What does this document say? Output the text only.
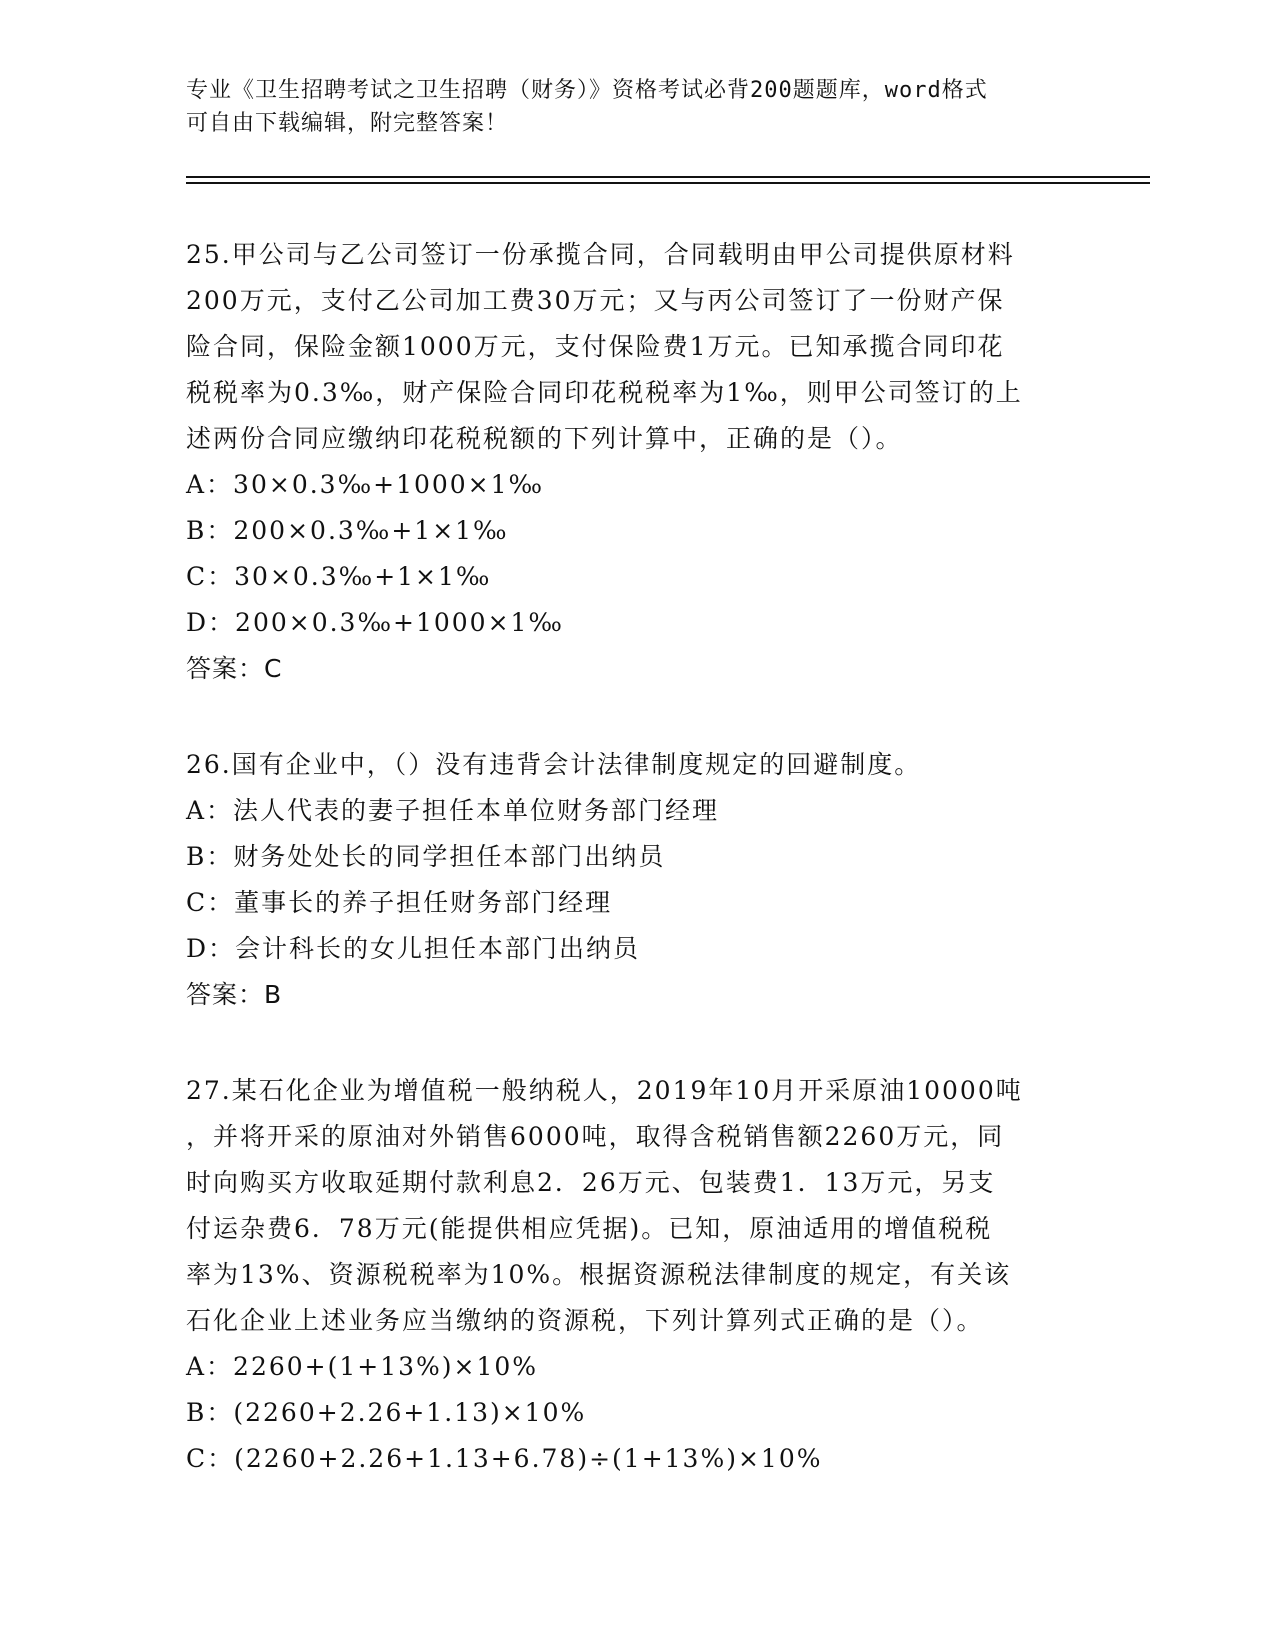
专业《卫生招聘考试之卫生招聘（财务）》资格考试必背200题题库，word格式
可自由下载编辑，附完整答案！
25.甲公司与乙公司签订一份承揽合同，合同载明由甲公司提供原材料
200万元，支付乙公司加工费30万元；又与丙公司签订了一份财产保
险合同，保险金额1000万元，支付保险费1万元。已知承揽合同印花
税税率为0.3‰，财产保险合同印花税税率为1‰，则甲公司签订的上
述两份合同应缴纳印花税税额的下列计算中，正确的是（）。
A：30×0.3‰+1000×1‰
B：200×0.3‰+1×1‰
C：30×0.3‰+1×1‰
D：200×0.3‰+1000×1‰
答案：C
26.国有企业中，（）没有违背会计法律制度规定的回避制度。
A：法人代表的妻子担任本单位财务部门经理
B：财务处处长的同学担任本部门出纳员
C：董事长的养子担任财务部门经理
D：会计科长的女儿担任本部门出纳员
答案：B
27.某石化企业为增值税一般纳税人，2019年10月开采原油10000吨
，并将开采的原油对外销售6000吨，取得含税销售额2260万元，同
时向购买方收取延期付款利息2．26万元、包装费1．13万元，另支
付运杂费6．78万元(能提供相应凭据)。已知，原油适用的增值税税
率为13%、资源税税率为10%。根据资源税法律制度的规定，有关该
石化企业上述业务应当缴纳的资源税，下列计算列式正确的是（）。
A：2260+(1+13%)×10%
B：(2260+2.26+1.13)×10%
C：(2260+2.26+1.13+6.78)÷(1+13%)×10%
